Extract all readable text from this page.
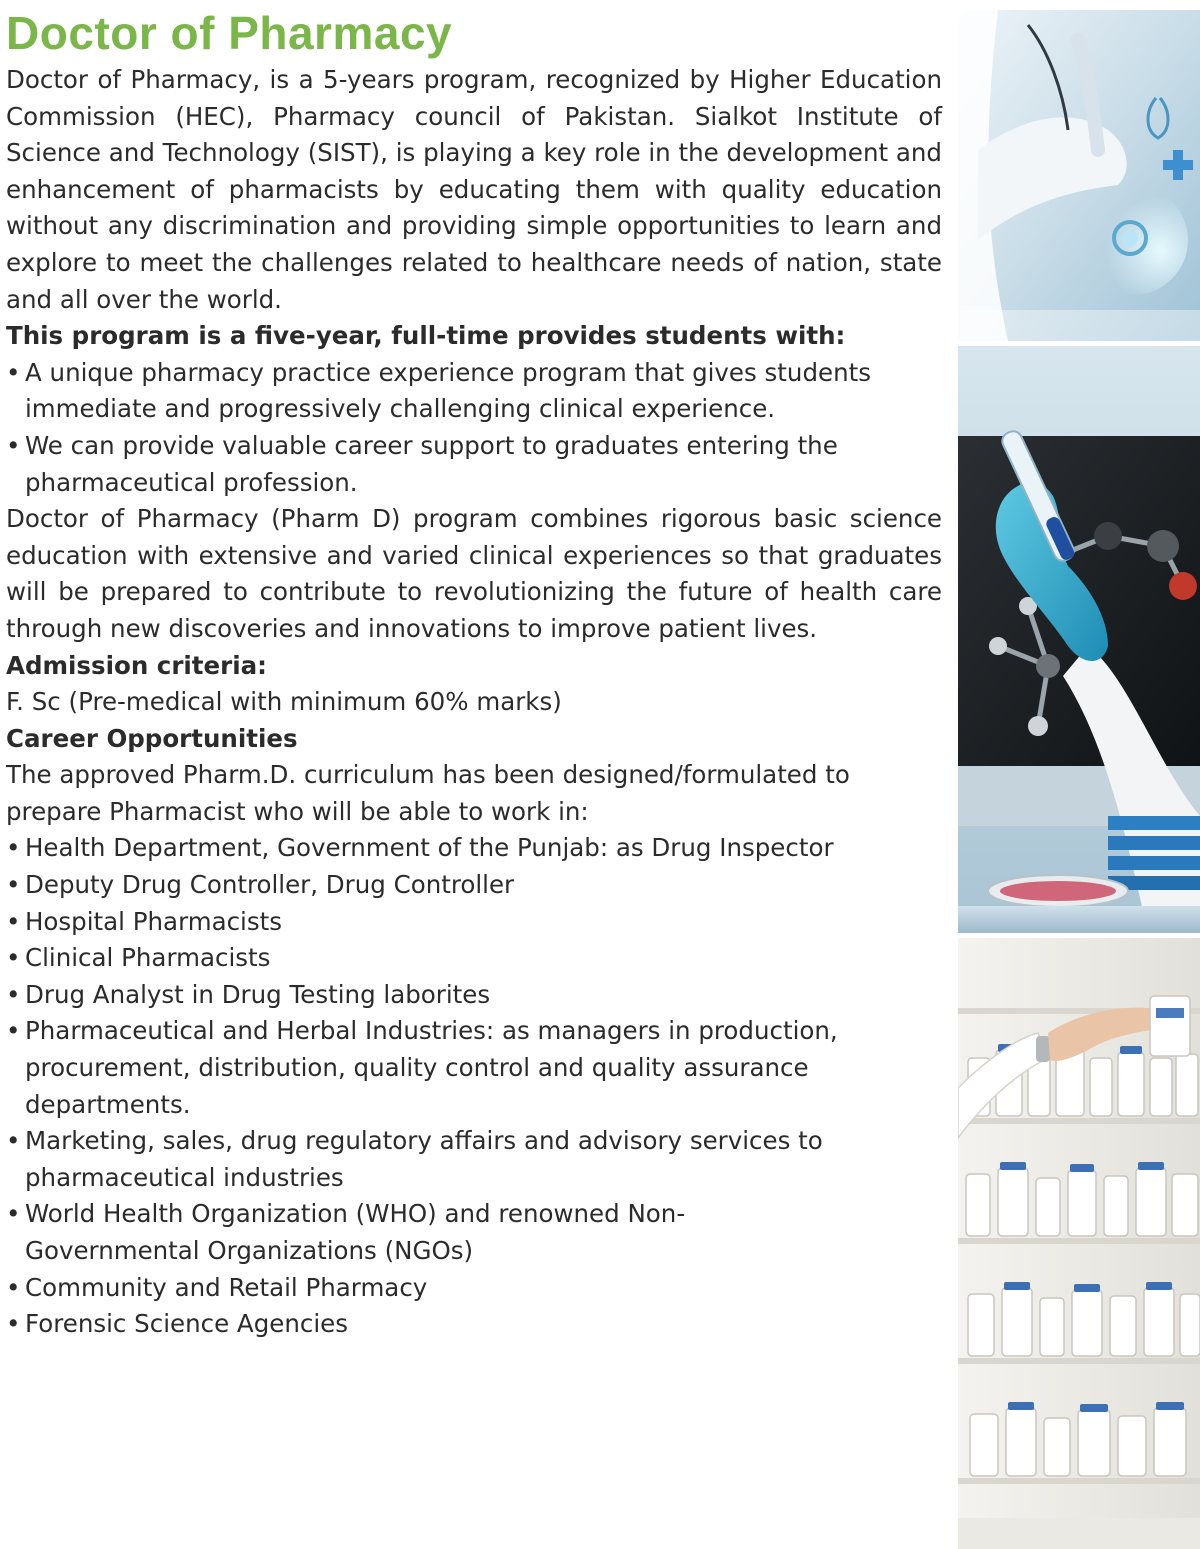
Doctor of Pharmacy

Doctor of Pharmacy, is a 5-years program, recognized by Higher Education Commission (HEC), Pharmacy council of Pakistan. Sialkot Institute of Science and Technology (SIST), is playing a key role in the development and enhancement of pharmacists by educating them with quality education without any discrimination and providing simple opportunities to learn and explore to meet the challenges related to healthcare needs of nation, state and all over the world.

This program is a five-year, full-time provides students with:

• A unique pharmacy practice experience program that gives students immediate and progressively challenging clinical experience.
• We can provide valuable career support to graduates entering the pharmaceutical profession.

Doctor of Pharmacy (Pharm D) program combines rigorous basic science education with extensive and varied clinical experiences so that graduates will be prepared to contribute to revolutionizing the future of health care through new discoveries and innovations to improve patient lives.

Admission criteria:

F. Sc (Pre-medical with minimum 60% marks)

Career Opportunities

The approved Pharm.D. curriculum has been designed/formulated to prepare Pharmacist who will be able to work in:

• Health Department, Government of the Punjab: as Drug Inspector
• Deputy Drug Controller, Drug Controller
• Hospital Pharmacists
• Clinical Pharmacists
• Drug Analyst in Drug Testing laborites
• Pharmaceutical and Herbal Industries: as managers in production, procurement, distribution, quality control and quality assurance departments.
• Marketing, sales, drug regulatory affairs and advisory services to pharmaceutical industries
• World Health Organization (WHO) and renowned Non-Governmental Organizations (NGOs)
• Community and Retail Pharmacy
• Forensic Science Agencies
